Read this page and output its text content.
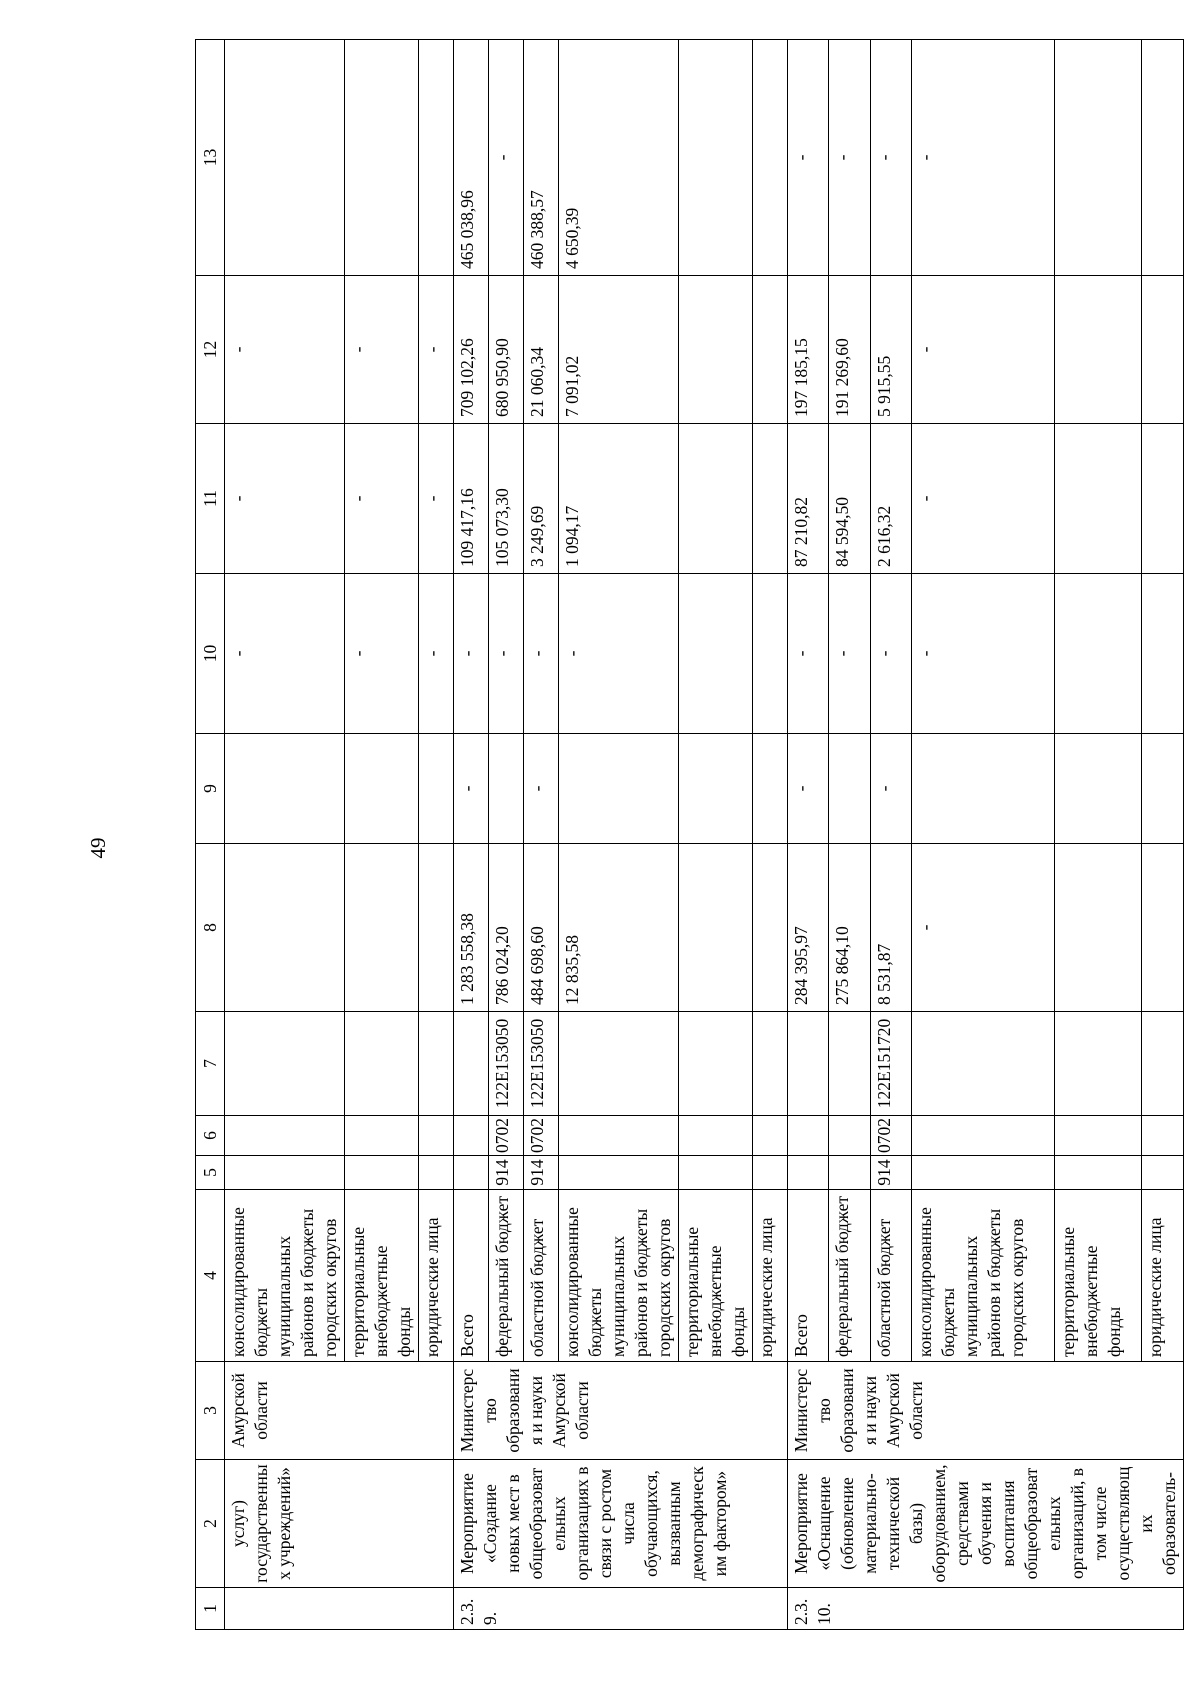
49
1	2	3	4	5	6	7	8	9	10	11	12	13
	услуг) государственных учреждений»	Амурской области	консолидированные бюджеты муниципальных районов и бюджеты городских округов						-	-	-	
			территориальные внебюджетные фонды						-	-	-	
			юридические лица						-	-	-	
2.3.9.	Мероприятие «Создание новых мест в общеобразовательных организациях в связи с ростом числа обучающихся, вызванным демографическим фактором»	Министерство образования и науки Амурской области	Всего				1 283 558,38	-	-	109 417,16	709 102,26	465 038,96
			федеральный бюджет	914	0702	122E153050	786 024,20		-	105 073,30	680 950,90	-
			областной бюджет	914	0702	122E153050	484 698,60	-	-	3 249,69	21 060,34	460 388,57
			консолидированные бюджеты муниципальных районов и бюджеты городских округов				12 835,58		-	1 094,17	7 091,02	4 650,39
			территориальные внебюджетные фонды									
			юридические лица									
2.3.10.	Мероприятие «Оснащение (обновление материально-технической базы) оборудованием, средствами обучения и воспитания общеобразовательных организаций, в том числе осуществляющих образователь-	Министерство образования и науки Амурской области	Всего				284 395,97	-	-	87 210,82	197 185,15	-
			федеральный бюджет				275 864,10		-	84 594,50	191 269,60	-
			областной бюджет	914	0702	122E151720	8 531,87	-	-	2 616,32	5 915,55	-
			консолидированные бюджеты муниципальных районов и бюджеты городских округов				-		-	-	-	-
			территориальные внебюджетные фонды									
			юридические лица									
